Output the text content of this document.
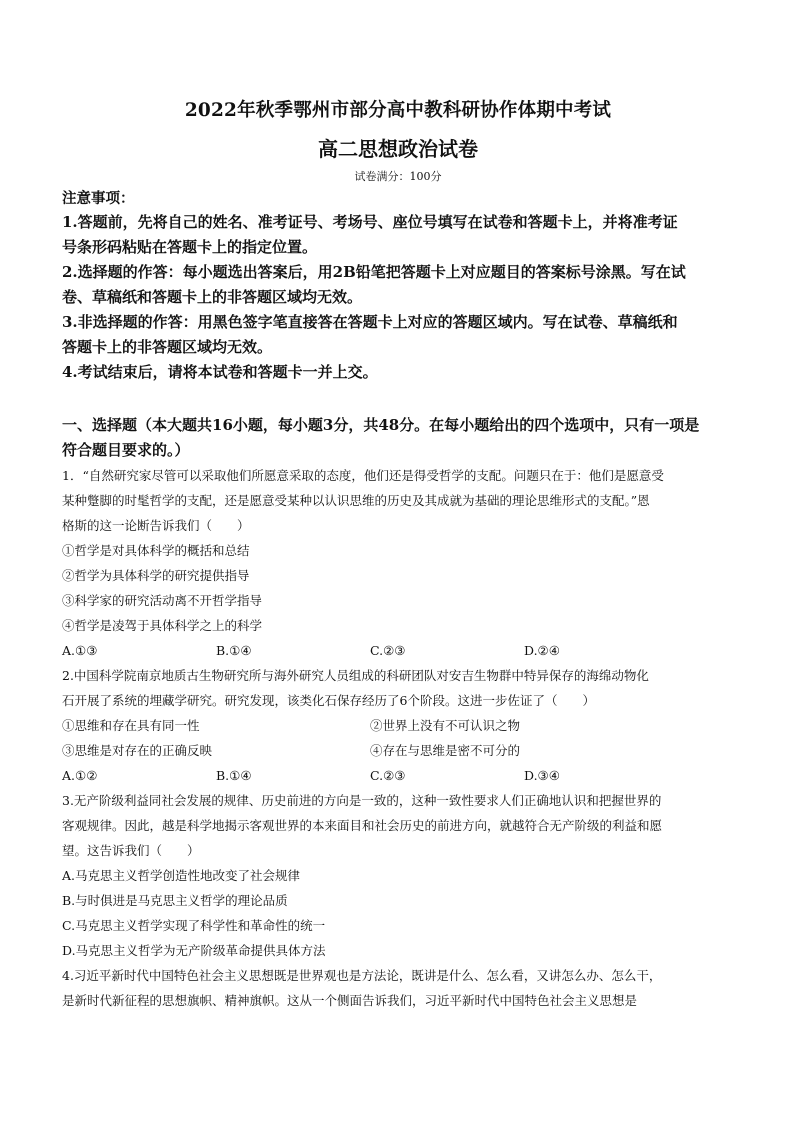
2022年秋季鄂州市部分高中教科研协作体期中考试
高二思想政治试卷
试卷满分：100分
注意事项：
1.答题前，先将自己的姓名、准考证号、考场号、座位号填写在试卷和答题卡上，并将准考证
号条形码粘贴在答题卡上的指定位置。
2.选择题的作答：每小题选出答案后，用2B铅笔把答题卡上对应题目的答案标号涂黑。写在试
卷、草稿纸和答题卡上的非答题区域均无效。
3.非选择题的作答：用黑色签字笔直接答在答题卡上对应的答题区域内。写在试卷、草稿纸和
答题卡上的非答题区域均无效。
4.考试结束后，请将本试卷和答题卡一并上交。
一、选择题（本大题共16小题，每小题3分，共48分。在每小题给出的四个选项中，只有一项是
符合题目要求的。）
1．“自然研究家尽管可以采取他们所愿意采取的态度，他们还是得受哲学的支配。问题只在于：他们是愿意受
某种蹩脚的时髦哲学的支配，还是愿意受某种以认识思维的历史及其成就为基础的理论思维形式的支配。”恩
格斯的这一论断告诉我们（　　）
①哲学是对具体科学的概括和总结
②哲学为具体科学的研究提供指导
③科学家的研究活动离不开哲学指导
④哲学是凌驾于具体科学之上的科学
A.①③	B.①④	C.②③	D.②④
2.中国科学院南京地质古生物研究所与海外研究人员组成的科研团队对安吉生物群中特异保存的海绵动物化
石开展了系统的埋藏学研究。研究发现，该类化石保存经历了6个阶段。这进一步佐证了（　　）
①思维和存在具有同一性	②世界上没有不可认识之物
③思维是对存在的正确反映	④存在与思维是密不可分的
A.①②	B.①④	C.②③	D.③④
3.无产阶级利益同社会发展的规律、历史前进的方向是一致的，这种一致性要求人们正确地认识和把握世界的
客观规律。因此，越是科学地揭示客观世界的本来面目和社会历史的前进方向，就越符合无产阶级的利益和愿
望。这告诉我们（　　）
A.马克思主义哲学创造性地改变了社会规律
B.与时俱进是马克思主义哲学的理论品质
C.马克思主义哲学实现了科学性和革命性的统一
D.马克思主义哲学为无产阶级革命提供具体方法
4.习近平新时代中国特色社会主义思想既是世界观也是方法论，既讲是什么、怎么看，又讲怎么办、怎么干，
是新时代新征程的思想旗帜、精神旗帜。这从一个侧面告诉我们，习近平新时代中国特色社会主义思想是
